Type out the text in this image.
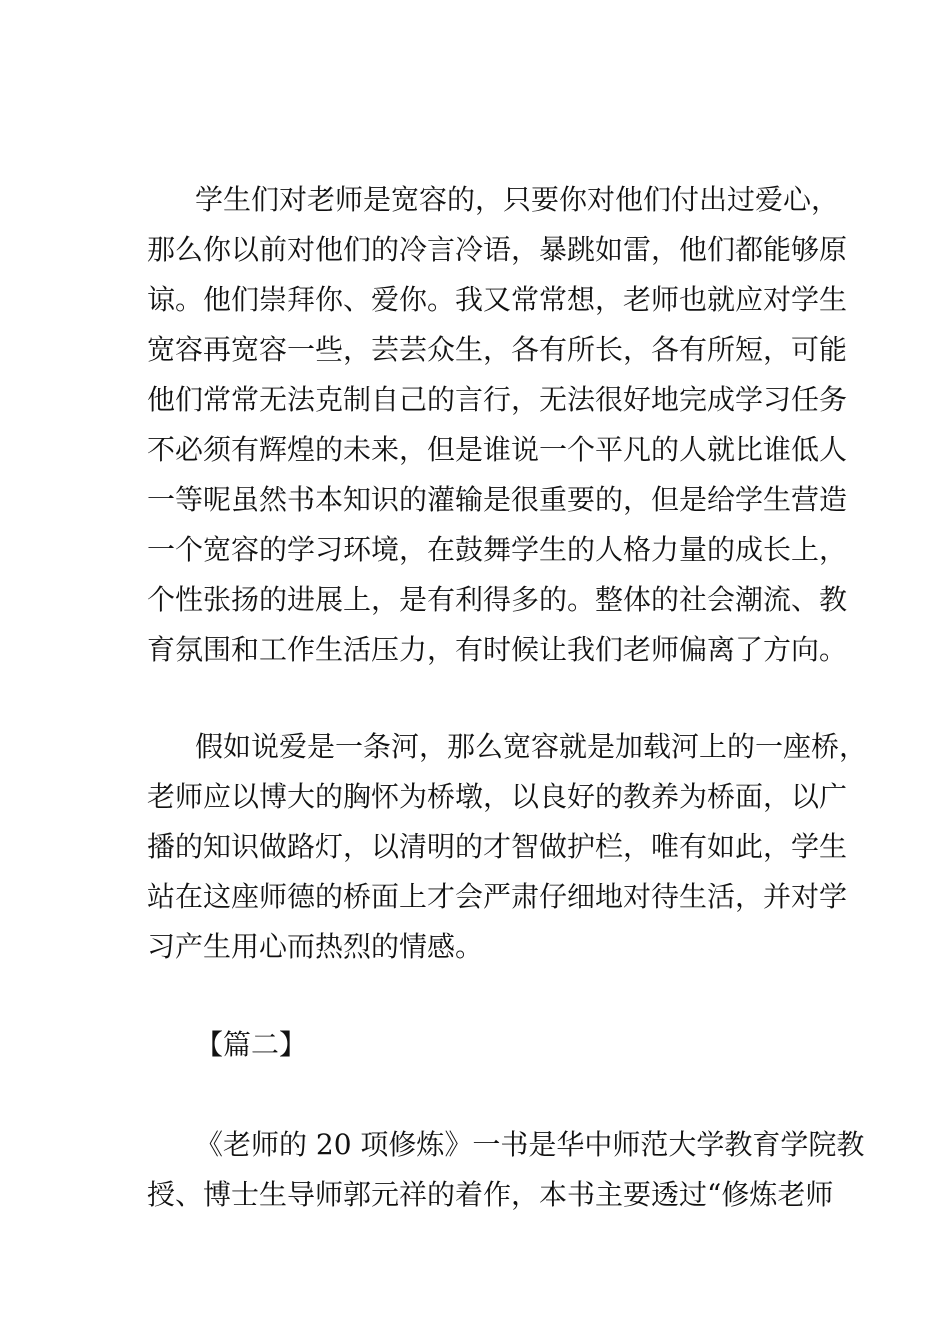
学生们对老师是宽容的，只要你对他们付出过爱心，
那么你以前对他们的冷言冷语，暴跳如雷，他们都能够原
谅。他们崇拜你、爱你。我又常常想，老师也就应对学生
宽容再宽容一些，芸芸众生，各有所长，各有所短，可能
他们常常无法克制自己的言行，无法很好地完成学习任务
不必须有辉煌的未来，但是谁说一个平凡的人就比谁低人
一等呢虽然书本知识的灌输是很重要的，但是给学生营造
一个宽容的学习环境，在鼓舞学生的人格力量的成长上，
个性张扬的进展上，是有利得多的。整体的社会潮流、教
育氛围和工作生活压力，有时候让我们老师偏离了方向。
假如说爱是一条河，那么宽容就是加载河上的一座桥，
老师应以博大的胸怀为桥墩，以良好的教养为桥面，以广
播的知识做路灯，以清明的才智做护栏，唯有如此，学生
站在这座师德的桥面上才会严肃仔细地对待生活，并对学
习产生用心而热烈的情感。
【篇二】
《老师的 20 项修炼》一书是华中师范大学教育学院教
授、博士生导师郭元祥的着作，本书主要透过“修炼老师
